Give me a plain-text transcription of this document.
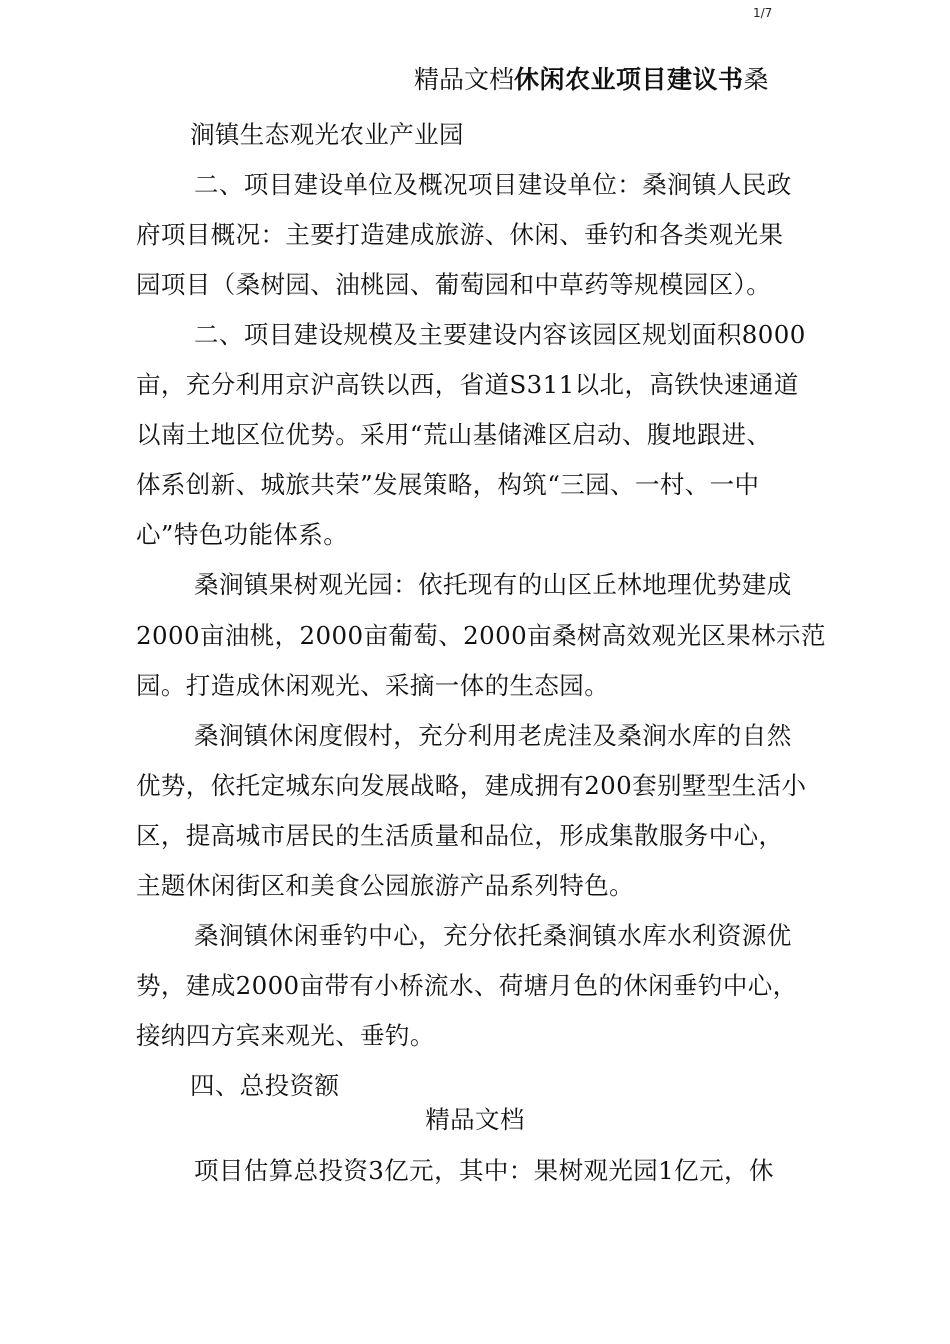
1/7
精品文档休闲农业项目建议书桑
涧镇生态观光农业产业园
二、项目建设单位及概况项目建设单位：桑涧镇人民政
府项目概况：主要打造建成旅游、休闲、垂钓和各类观光果
园项目（桑树园、油桃园、葡萄园和中草药等规模园区）。
二、项目建设规模及主要建设内容该园区规划面积8000
亩，充分利用京沪高铁以西，省道S311以北，高铁快速通道
以南土地区位优势。采用“荒山基储滩区启动、腹地跟进、
体系创新、城旅共荣”发展策略，构筑“三园、一村、一中
心”特色功能体系。
桑涧镇果树观光园：依托现有的山区丘林地理优势建成
2000亩油桃，2000亩葡萄、2000亩桑树高效观光区果林示范
园。打造成休闲观光、采摘一体的生态园。
桑涧镇休闲度假村，充分利用老虎洼及桑涧水库的自然
优势，依托定城东向发展战略，建成拥有200套别墅型生活小
区，提高城市居民的生活质量和品位，形成集散服务中心，
主题休闲街区和美食公园旅游产品系列特色。
桑涧镇休闲垂钓中心，充分依托桑涧镇水库水利资源优
势，建成2000亩带有小桥流水、荷塘月色的休闲垂钓中心，
接纳四方宾来观光、垂钓。
四、总投资额
精品文档
项目估算总投资3亿元，其中：果树观光园1亿元，休
